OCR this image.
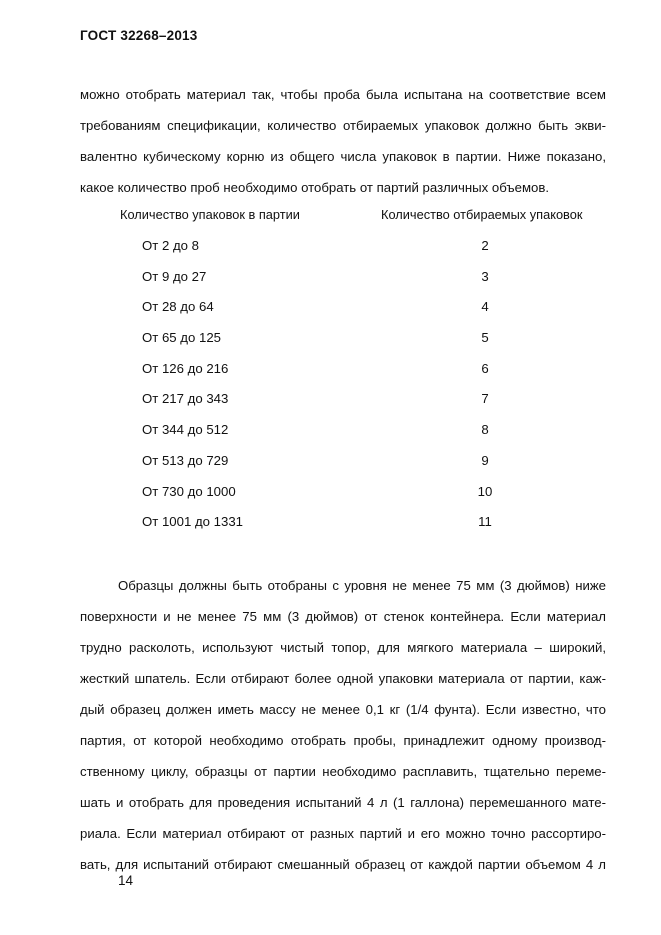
ГОСТ 32268–2013
можно отобрать материал так, чтобы проба была испытана на соответствие всем
требованиям спецификации, количество отбираемых упаковок должно быть экви-
валентно кубическому корню из общего числа упаковок в партии. Ниже показано,
какое количество проб необходимо отобрать от партий различных объемов.
Количество упаковок в партии	Количество отбираемых упаковок
От 2 до 8	2
От 9 до 27	3
От 28 до 64	4
От 65 до 125	5
От 126 до 216	6
От 217 до 343	7
От 344 до 512	8
От 513 до 729	9
От 730 до 1000	10
От 1001 до 1331	11
Образцы должны быть отобраны с уровня не менее 75 мм (3 дюймов) ниже
поверхности и не менее 75 мм (3 дюймов) от стенок контейнера. Если материал
трудно расколоть, используют чистый топор, для мягкого материала – широкий,
жесткий шпатель. Если отбирают более одной упаковки материала от партии, каж-
дый образец должен иметь массу не менее 0,1 кг (1/4 фунта). Если известно, что
партия, от которой необходимо отобрать пробы, принадлежит одному производ-
ственному циклу, образцы от партии необходимо расплавить, тщательно переме-
шать и отобрать для проведения испытаний 4 л (1 галлона) перемешанного мате-
риала. Если материал отбирают от разных партий и его можно точно рассортиро-
вать, для испытаний отбирают смешанный образец от каждой партии объемом 4 л
14
